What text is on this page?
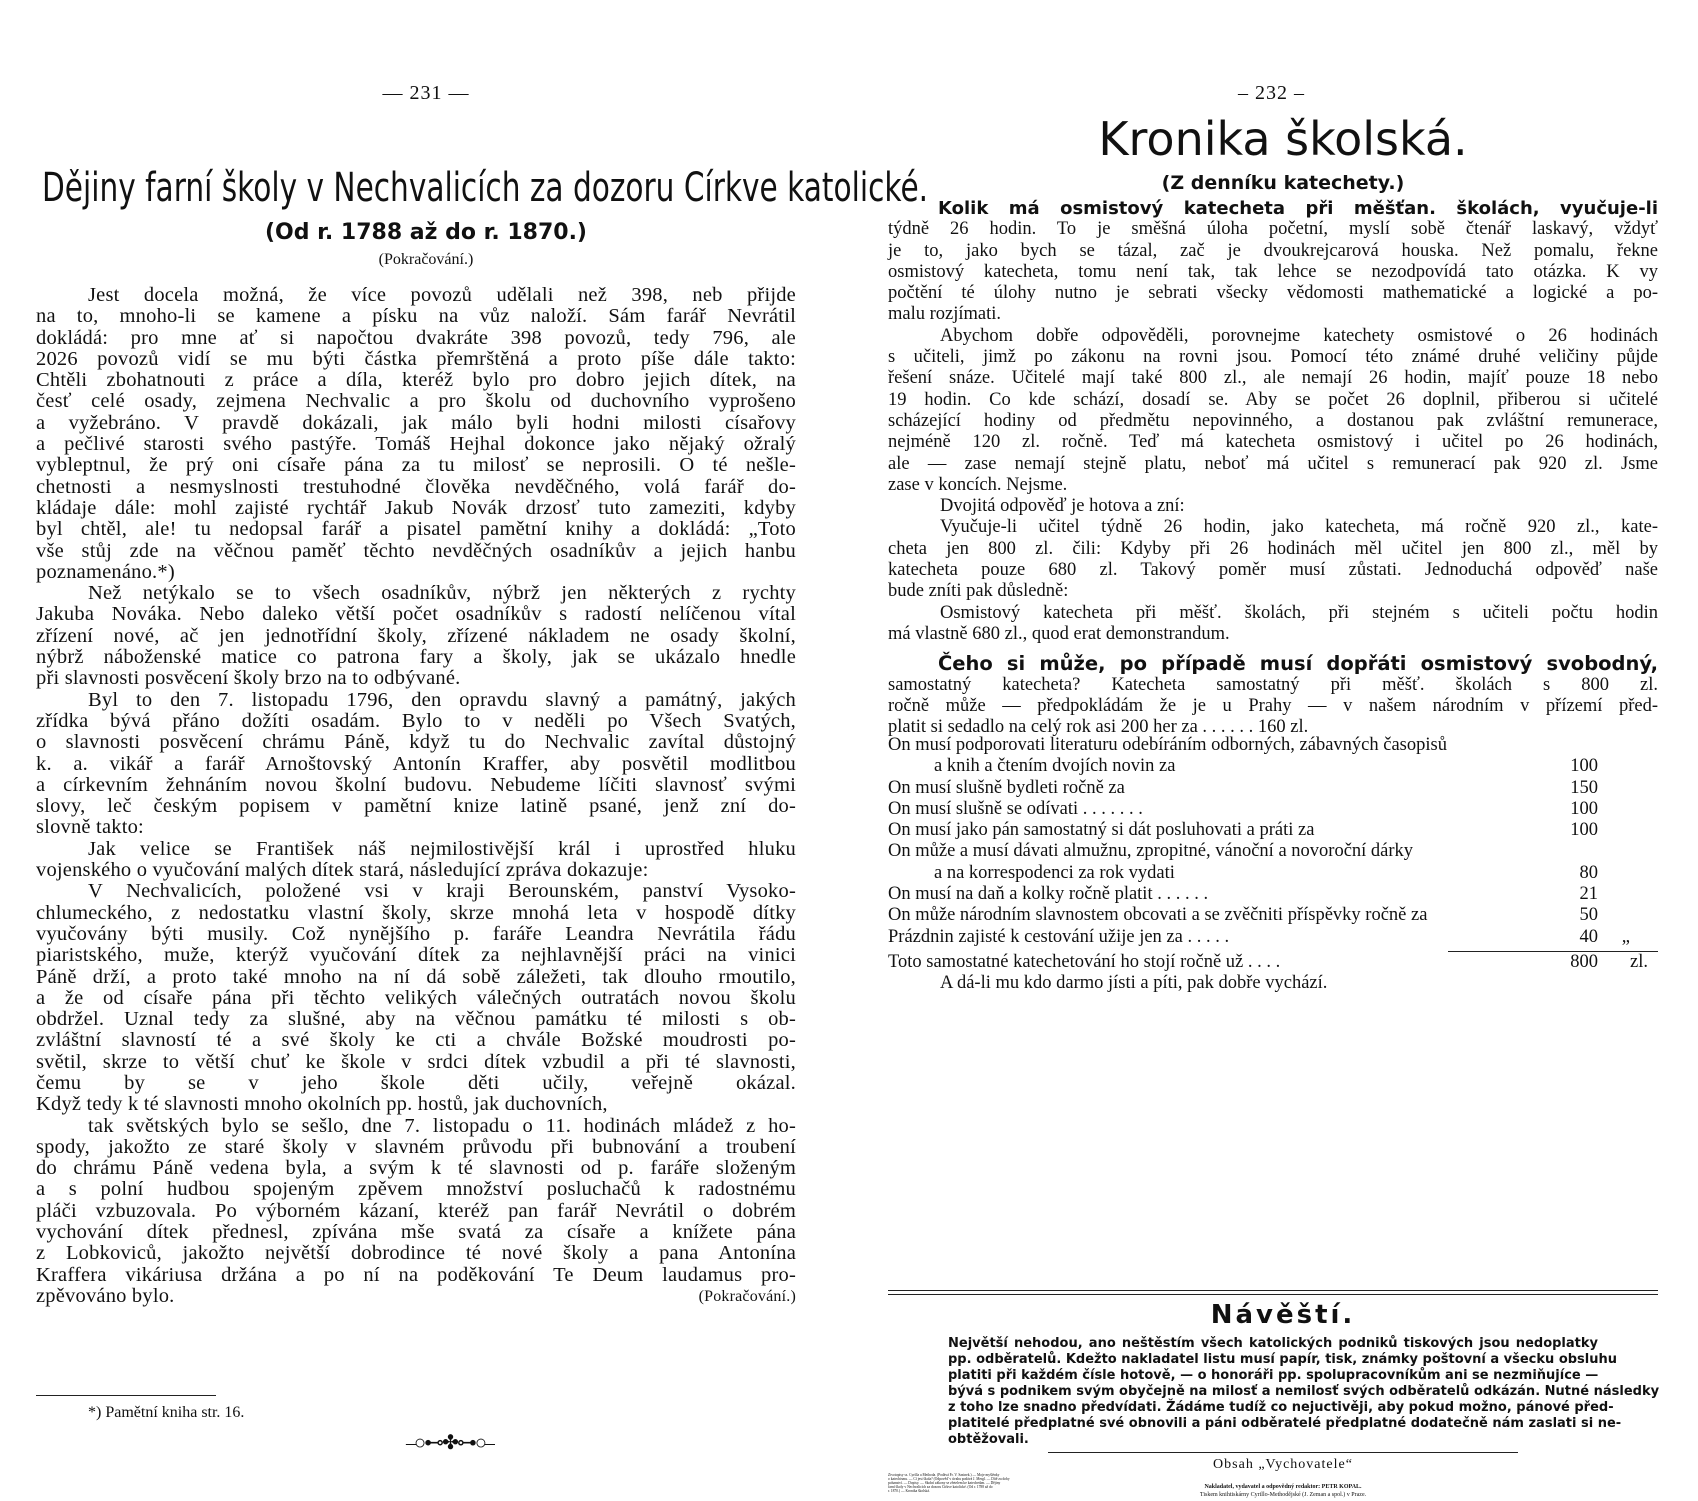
— 231 —
Dějiny farní školy v Nechvalicích za dozoru Církve katolické.
(Od r. 1788 až do r. 1870.)
(Pokračování.)
Jest docela možná, že více povozů udělali než 398, neb přijde
na to, mnoho-li se kamene a písku na vůz naloží. Sám farář Nevrátil
dokládá: pro mne ať si napočtou dvakráte 398 povozů, tedy 796, ale
2026 povozů vidí se mu býti částka přemrštěná a proto píše dále takto:
Chtěli zbohatnouti z práce a díla, kteréž bylo pro dobro jejich dítek, na
česť celé osady, zejmena Nechvalic a pro školu od duchovního vyprošeno
a vyžebráno. V pravdě dokázali, jak málo byli hodni milosti císařovy
a pečlivé starosti svého pastýře. Tomáš Hejhal dokonce jako nějaký ožralý
vybleptnul, že prý oni císaře pána za tu milosť se neprosili. O té nešle-
chetnosti a nesmyslnosti trestuhodné člověka nevděčného, volá farář do-
kládaje dále: mohl zajisté rychtář Jakub Novák drzosť tuto zameziti, kdyby
byl chtěl, ale! tu nedopsal farář a pisatel pamětní knihy a dokládá: „Toto
vše stůj zde na věčnou paměť těchto nevděčných osadníkův a jejich hanbu
poznamenáno.*)
Než netýkalo se to všech osadníkův, nýbrž jen některých z rychty
Jakuba Nováka. Nebo daleko větší počet osadníkův s radostí nelíčenou vítal
zřízení nové, ač jen jednotřídní školy, zřízené nákladem ne osady školní,
nýbrž náboženské matice co patrona fary a školy, jak se ukázalo hnedle
při slavnosti posvěcení školy brzo na to odbývané.
Byl to den 7. listopadu 1796, den opravdu slavný a památný, jakých
zřídka bývá přáno dožíti osadám. Bylo to v neděli po Všech Svatých,
o slavnosti posvěcení chrámu Páně, když tu do Nechvalic zavítal důstojný
k. a. vikář a farář Arnoštovský Antonín Kraffer, aby posvětil modlitbou
a církevním žehnáním novou školní budovu. Nebudeme líčiti slavnosť svými
slovy, leč českým popisem v pamětní knize latině psané, jenž zní do-
slovně takto:
Jak velice se František náš nejmilostivější král i uprostřed hluku
vojenského o vyučování malých dítek stará, následující zpráva dokazuje:
V Nechvalicích, položené vsi v kraji Berounském, panství Vysoko-
chlumeckého, z nedostatku vlastní školy, skrze mnohá leta v hospodě dítky
vyučovány býti musily. Což nynějšího p. faráře Leandra Nevrátila řádu
piaristského, muže, kterýž vyučování dítek za nejhlavnější práci na vinici
Páně drží, a proto také mnoho na ní dá sobě záležeti, tak dlouho rmoutilo,
a že od císaře pána při těchto velikých válečných outratách novou školu
obdržel. Uznal tedy za slušné, aby na věčnou památku té milosti s ob-
zvláštní slavností té a své školy ke cti a chvále Božské moudrosti po-
světil, skrze to větší chuť ke škole v srdci dítek vzbudil a při té slavnosti,
čemu by se v jeho škole děti učily, veřejně okázal.
Když tedy k té slavnosti mnoho okolních pp. hostů, jak duchovních,
tak světských bylo se sešlo, dne 7. listopadu o 11. hodinách mládež z ho-
spody, jakožto ze staré školy v slavném průvodu při bubnování a troubení
do chrámu Páně vedena byla, a svým k té slavnosti od p. faráře složeným
a s polní hudbou spojeným zpěvem množství posluchačů k radostnému
pláči vzbuzovala. Po výborném kázaní, kteréž pan farář Nevrátil o dobrém
vychování dítek přednesl, zpívána mše svatá za císaře a knížete pána
z Lobkoviců, jakožto největší dobrodince té nové školy a pana Antonína
Kraffera vikáriusa držána a po ní na poděkování Te Deum laudamus pro-
zpěvováno bylo.	(Pokračování.)
*) Pamětní kniha str. 16.
–○⊷✤⊶○–
– 232 –
Kronika školská.
(Z denníku katechety.)
Kolik má osmistový katecheta při měšťan. školách, vyučuje-li
týdně 26 hodin. To je směšná úloha početní, myslí sobě čtenář laskavý, vždyť
je to, jako bych se tázal, zač je dvoukrejcarová houska. Než pomalu, řekne
osmistový katecheta, tomu není tak, tak lehce se nezodpovídá tato otázka. K vy
počtění té úlohy nutno je sebrati všecky vědomosti mathematické a logické a po-
malu rozjímati.
Abychom dobře odpověděli, porovnejme katechety osmistové o 26 hodinách
s učiteli, jimž po zákonu na rovni jsou. Pomocí této známé druhé veličiny půjde
řešení snáze. Učitelé mají také 800 zl., ale nemají 26 hodin, majíť pouze 18 nebo
19 hodin. Co kde schází, dosadí se. Aby se počet 26 doplnil, přiberou si učitelé
scházející hodiny od předmětu nepovinného, a dostanou pak zvláštní remunerace,
nejméně 120 zl. ročně. Teď má katecheta osmistový i učitel po 26 hodinách,
ale — zase nemají stejně platu, neboť má učitel s remunerací pak 920 zl. Jsme
zase v koncích. Nejsme.
Dvojitá odpověď je hotova a zní:
Vyučuje-li učitel týdně 26 hodin, jako katecheta, má ročně 920 zl., kate-
cheta jen 800 zl. čili: Kdyby při 26 hodinách měl učitel jen 800 zl., měl by
katecheta pouze 680 zl. Takový poměr musí zůstati. Jednoduchá odpověď naše
bude zníti pak důsledně:
Osmistový katecheta při měšť. školách, při stejném s učiteli počtu hodin
má vlastně 680 zl., quod erat demonstrandum.
Čeho si může, po případě musí dopřáti osmistový svobodný,
samostatný katecheta? Katecheta samostatný při měšť. školách s 800 zl.
ročně může — předpokládám že je u Prahy — v našem národním v přízemí před-
platit si sedadlo na celý rok asi 200 her za . . . . . . 160 zl.
On musí podporovati literaturu odebíráním odborných, zábavných časopisů
a knih a čtením dvojích novin za	100
On musí slušně bydleti ročně za	150
On musí slušně se odívati . . . . . . .	100
On musí jako pán samostatný si dát posluhovati a práti za	100
On může a musí dávati almužnu, zpropitné, vánoční a novoroční dárky
a na korrespodenci za rok vydati	80
On musí na daň a kolky ročně platit . . . . . .	21
On může národním slavnostem obcovati a se zvěčniti příspěvky ročně za	50
Prázdnin zajisté k cestování užije jen za . . . . .	40 „
Toto samostatné katechetování ho stojí ročně už . . . .	800 zl.
A dá-li mu kdo darmo jísti a píti, pak dobře vychází.
Návěští.
Největší nehodou, ano neštěstím všech katolických podniků tiskových jsou nedoplatky
pp. odběratelů. Kdežto nakladatel listu musí papír, tisk, známky poštovní a všecku obsluhu
platiti při každém čísle hotově, — o honoráři pp. spolupracovníkům ani se nezmiňujíce —
bývá s podnikem svým obyčejně na milosť a nemilosť svých odběratelů odkázán. Nutné následky
z toho lze snadno předvídati. Žádáme tudíž co nejuctivěji, aby pokud možno, pánové před-
platitelé předplatné své obnovili a páni odběratelé předplatné dodatečně nám zaslati si ne-
obtěžovali.
Obsah „Vychovatele“
Životopisy ss. Cyrilla a Methoda. (Podává Fr. V. Sasinek.) — Moje myšlénky
o katechismu. — Čí jest škola? (Odpověď v úvahu podává J. Mergl. — Dítě za doby
pohanství. — Dopisy. — Školní zákony se zřetelem ke katechetům. — Dějiny
farní školy v Nechvalicích za dozoru Církve katolické. (Od r. 1788 až do
r. 1870.) — Kronika školská.
Nakladatel, vydavatel a odpovědný redaktor: PETR KOPAL.
Tiskem knihtiskárny Cyrillo-Methodějské (J. Zeman a spol.) v Praze.
